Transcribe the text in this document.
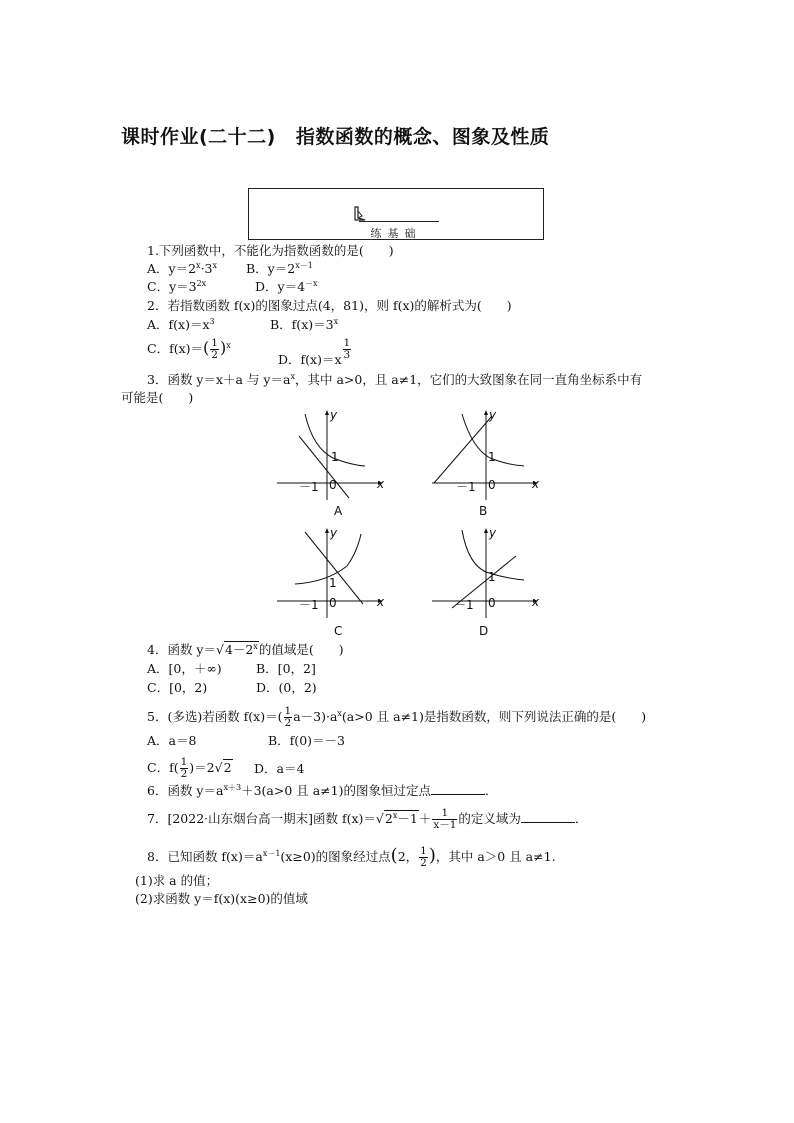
课时作业(二十二) 指数函数的概念、图象及性质
练基础
1.下列函数中，不能化为指数函数的是(　　)
A．$y=2^x\cdot 3^x$ B．$y=2^{x-1}$
C．$y=3^{2x}$	D．$y=4^{-x}$
2．若指数函数 f(x)的图象过点(4，81)，则 f(x)的解析式为(　　)
A．$f(x)=x^3$	B．$f(x)=3^x$
C．$f(x)=( \frac{1}{2} )^x$
D．$f(x)=x \frac{1}{3}$
3．函数 y＝x＋a 与 $y=a^x$，其中 a>0，且 a≠1，它们的大致图象在同一直角坐标系中有
可能是(　　)
y
x
－1 0
1
A
y
x
－1 0
1
B
y
x
－1 0
1
C
y
x
－1 0
1
D
4．函数 $y=√4-2^x$的值域是(　　)
A．[0，＋∞)	B．[0，2]
C．[0，2)	D．(0，2)
5．(多选)若函数 $f(x)=( \frac{1}{2} a-3)\cdot a^x(a>0$ 且 a≠1)是指数函数，则下列说法正确的是(　　)
A．a＝8	B．f(0)＝－3
C．$f( \frac{1}{2} )=2√2$ D．a＝4
6．函数 $y=a^{x+3}+3(a>0$ 且 a≠1)的图象恒过定点	．
7．[2022·山东烟台高一期末]函数 $f(x)=√2^x-1+ \frac{1}{x-1}$ 的定义域为	．
8．已知函数 $f(x)=a^{x-1}(x\ge 0)$的图象经过点(2， $\frac{1}{2}$ )，其中 a＞0 且 a≠1.
(1)求 a 的值；
(2)求函数 y＝f(x)(x≥0)的值域
